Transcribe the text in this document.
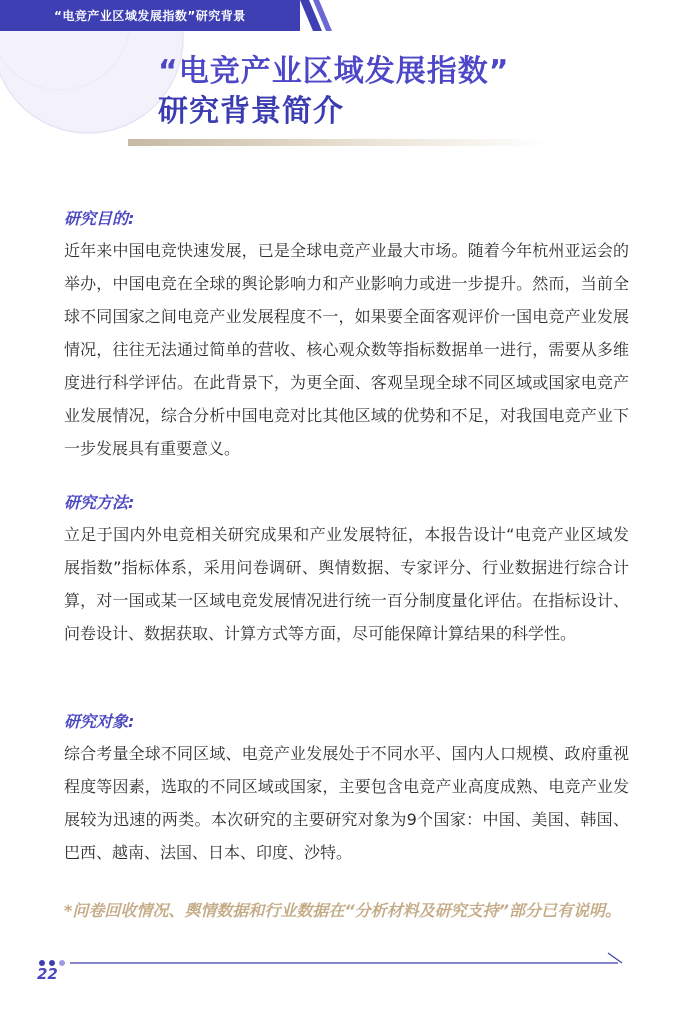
“电竞产业区域发展指数”研究背景
“电竞产业区域发展指数”
研究背景简介
研究目的:
近年来中国电竞快速发展，已是全球电竞产业最大市场。随着今年杭州亚运会的举办，中国电竞在全球的舆论影响力和产业影响力或进一步提升。然而，当前全球不同国家之间电竞产业发展程度不一，如果要全面客观评价一国电竞产业发展情况，往往无法通过简单的营收、核心观众数等指标数据单一进行，需要从多维度进行科学评估。在此背景下，为更全面、客观呈现全球不同区域或国家电竞产业发展情况，综合分析中国电竞对比其他区域的优势和不足，对我国电竞产业下一步发展具有重要意义。
研究方法:
立足于国内外电竞相关研究成果和产业发展特征，本报告设计“电竞产业区域发展指数”指标体系，采用问卷调研、舆情数据、专家评分、行业数据进行综合计算，对一国或某一区域电竞发展情况进行统一百分制度量化评估。在指标设计、问卷设计、数据获取、计算方式等方面，尽可能保障计算结果的科学性。
研究对象:
综合考量全球不同区域、电竞产业发展处于不同水平、国内人口规模、政府重视程度等因素，选取的不同区域或国家，主要包含电竞产业高度成熟、电竞产业发展较为迅速的两类。本次研究的主要研究对象为9个国家：中国、美国、韩国、巴西、越南、法国、日本、印度、沙特。
*问卷回收情况、舆情数据和行业数据在“分析材料及研究支持”部分已有说明。
22
